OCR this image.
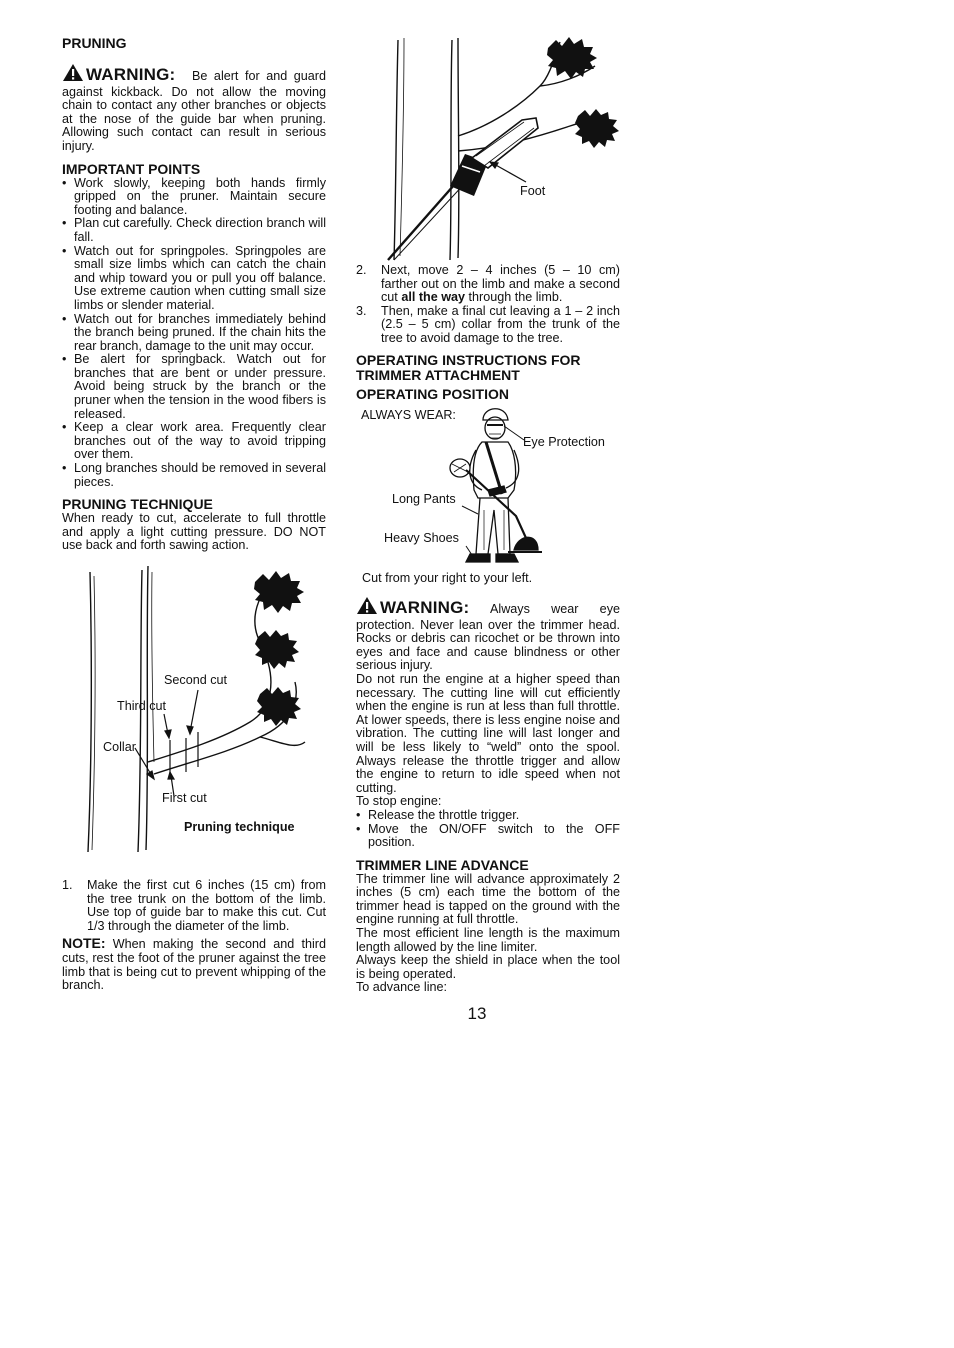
PRUNING

WARNING: Be alert for and guard against kickback. Do not allow the moving chain to contact any other branches or objects at the nose of the guide bar when pruning. Allowing such contact can result in serious injury.

IMPORTANT POINTS
• Work slowly, keeping both hands firmly gripped on the pruner. Maintain secure footing and balance.
• Plan cut carefully. Check direction branch will fall.
• Watch out for springpoles. Springpoles are small size limbs which can catch the chain and whip toward you or pull you off balance. Use extreme caution when cutting small size limbs or slender material.
• Watch out for branches immediately behind the branch being pruned. If the chain hits the rear branch, damage to the unit may occur.
• Be alert for springback. Watch out for branches that are bent or under pressure. Avoid being struck by the branch or the pruner when the tension in the wood fibers is released.
• Keep a clear work area. Frequently clear branches out of the way to avoid tripping over them.
• Long branches should be removed in several pieces.
PRUNING TECHNIQUE

When ready to cut, accelerate to full throttle and apply a light cutting pressure. DO NOT use back and forth sawing action.

Second cut
Third cut
Collar
First cut
Pruning technique
1. Make the first cut 6 inches (15 cm) from the tree trunk on the bottom of the limb. Use top of guide bar to make this cut. Cut 1/3 through the diameter of the limb.

NOTE: When making the second and third cuts, rest the foot of the pruner against the tree limb that is being cut to prevent whipping of the branch.

Foot
2. Next, move 2 – 4 inches (5 – 10 cm) farther out on the limb and make a second cut all the way through the limb.
3. Then, make a final cut leaving a 1 – 2 inch (2.5 – 5 cm) collar from the trunk of the tree to avoid damage to the tree.
OPERATING INSTRUCTIONS FOR
TRIMMER ATTACHMENT
OPERATING POSITION
ALWAYS WEAR:
Eye Protection
Long Pants
Heavy Shoes
Cut from your right to your left.

WARNING: Always wear eye protection. Never lean over the trimmer head. Rocks or debris can ricochet or be thrown into eyes and face and cause blindness or other serious injury.

Do not run the engine at a higher speed than necessary. The cutting line will cut efficiently when the engine is run at less than full throttle. At lower speeds, there is less engine noise and vibration. The cutting line will last longer and will be less likely to “weld” onto the spool. Always release the throttle trigger and allow the engine to return to idle speed when not cutting.

To stop engine:

• Release the throttle trigger.
• Move the ON/OFF switch to the OFF position.
TRIMMER LINE ADVANCE

The trimmer line will advance approximately 2 inches (5 cm) each time the bottom of the trimmer head is tapped on the ground with the engine running at full throttle.

The most efficient line length is the maximum length allowed by the line limiter.

Always keep the shield in place when the tool is being operated.

To advance line:

13
